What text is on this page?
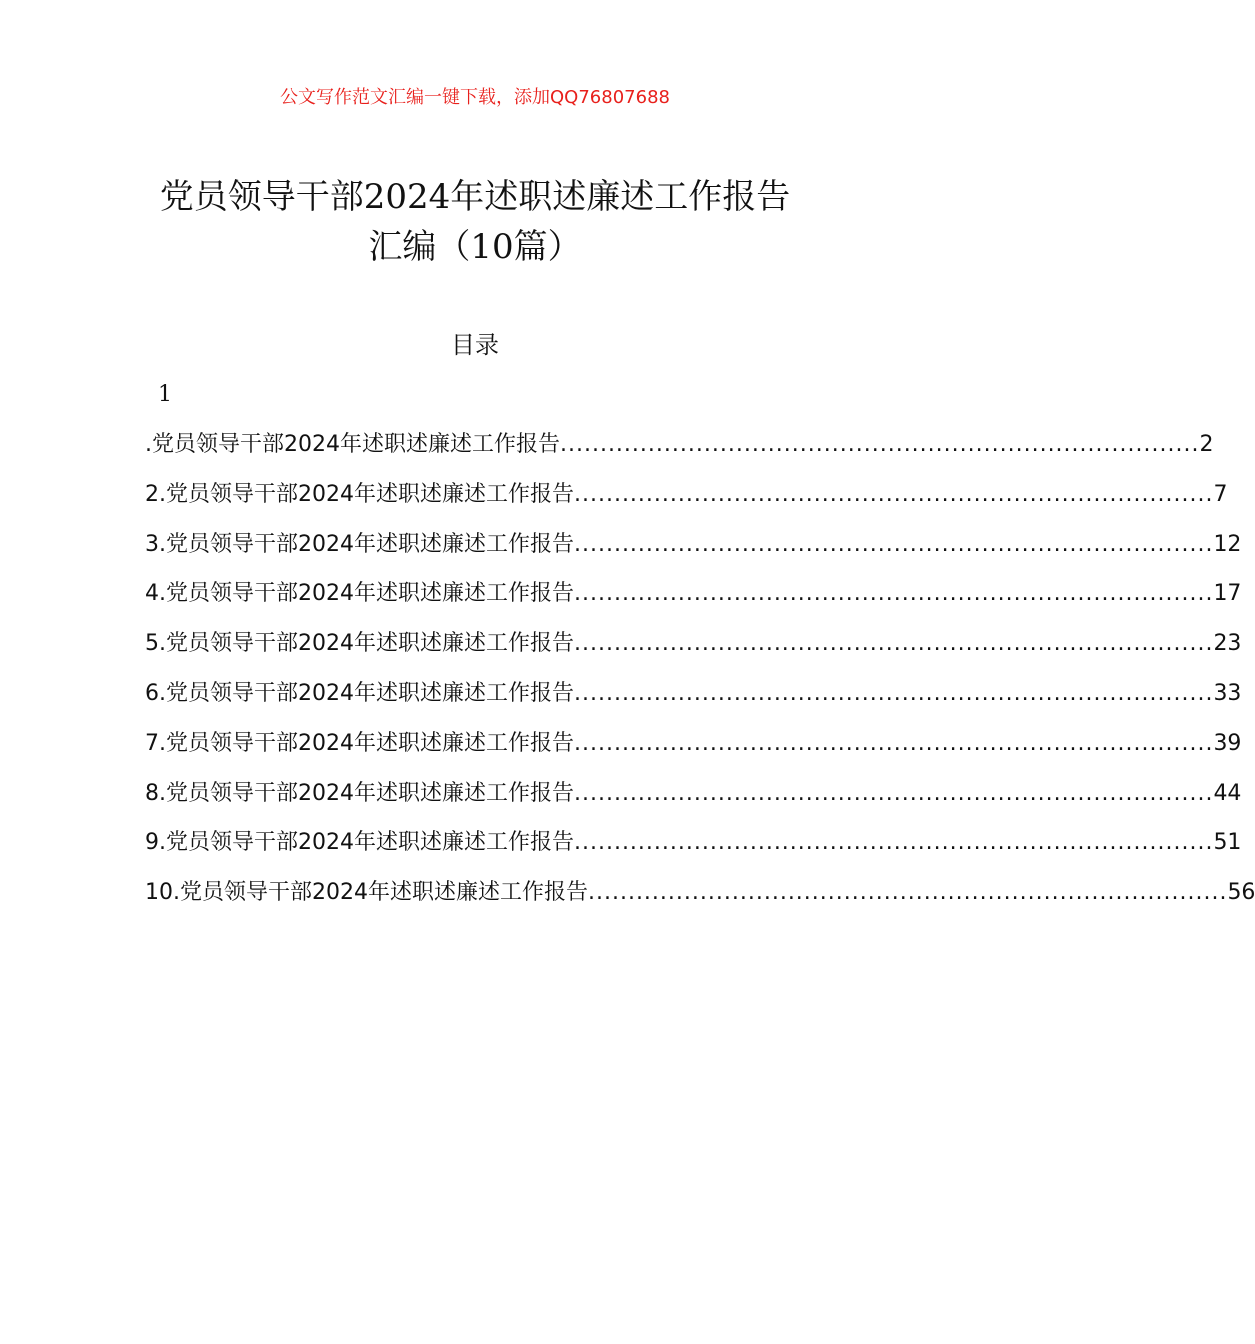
公文写作范文汇编一键下载，添加QQ76807688
党员领导干部2024年述职述廉述工作报告
汇编（10篇）
目录
1
.党员领导干部2024年述职述廉述工作报告 ................................................................................ 2
2.党员领导干部2024年述职述廉述工作报告 ................................................................................ 7
3.党员领导干部2024年述职述廉述工作报告 ................................................................................ 12
4.党员领导干部2024年述职述廉述工作报告 ................................................................................ 17
5.党员领导干部2024年述职述廉述工作报告 ................................................................................ 23
6.党员领导干部2024年述职述廉述工作报告 ................................................................................ 33
7.党员领导干部2024年述职述廉述工作报告 ................................................................................ 39
8.党员领导干部2024年述职述廉述工作报告 ................................................................................ 44
9.党员领导干部2024年述职述廉述工作报告 ................................................................................ 51
10.党员领导干部2024年述职述廉述工作报告 ................................................................................ 56
